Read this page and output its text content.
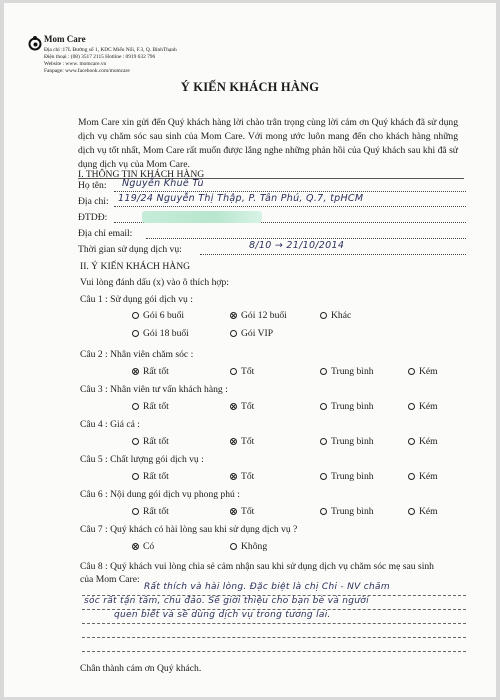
Mom Care
Địa chỉ :17L Đường số 1, KDC Miếu Nổi, F.3, Q. BìnhThạnh
Điện thoại : (08) 3517 2115 Hotline : 0919 632 796
Website : www. momcare.vn
Fanpage: www.facebook.com/momcare
Ý KIẾN KHÁCH HÀNG
Mom Care xin gửi đến Quý khách hàng lời chào trân trọng cùng lời cám ơn Quý khách đã sử dụng dịch vụ chăm sóc sau sinh của Mom Care. Với mong ước luôn mang đến cho khách hàng những dịch vụ tốt nhất, Mom Care rất muốn được lắng nghe những phản hồi của Quý khách sau khi đã sử dụng dịch vụ của Mom Care.
I. THÔNG TIN KHÁCH HÀNG
Họ tên: Nguyễn Khuê Tú
Địa chỉ: 119/24 Nguyễn Thị Thập, P. Tân Phú, Q.7, tpHCM
ĐTDĐ:
Địa chỉ email:
Thời gian sử dụng dịch vụ:	8/10 → 21/10/2014
II. Ý KIẾN KHÁCH HÀNG
Vui lòng đánh dấu (x) vào ô thích hợp:
Câu 1 : Sử dụng gói dịch vụ :
Gói 6 buổi	Gói 12 buổi	Khác
Gói 18 buổi	Gói VIP
Câu 2 : Nhân viên chăm sóc :
Rất tốt	Tốt	Trung bình	Kém
Câu 3 : Nhân viên tư vấn khách hàng :
Rất tốt	Tốt	Trung bình	Kém
Câu 4 : Giá cả :
Rất tốt	Tốt	Trung bình	Kém
Câu 5 : Chất lượng gói dịch vụ :
Rất tốt	Tốt	Trung bình	Kém
Câu 6 : Nội dung gói dịch vụ phong phú :
Rất tốt	Tốt	Trung bình	Kém
Câu 7 : Quý khách có hài lòng sau khi sử dụng dịch vụ ?
Có	Không
Câu 8 : Quý khách vui lòng chia sẻ cảm nhận sau khi sử dụng dịch vụ chăm sóc mẹ sau sinh
của Mom Care:
Rất thích và hài lòng. Đặc biệt là chị Chi - NV chăm
sóc rất tận tâm, chu đáo. Sẽ giới thiệu cho bạn bè và người
quen biết và sẽ dùng dịch vụ trong tương lai.
Chân thành cám ơn Quý khách.
